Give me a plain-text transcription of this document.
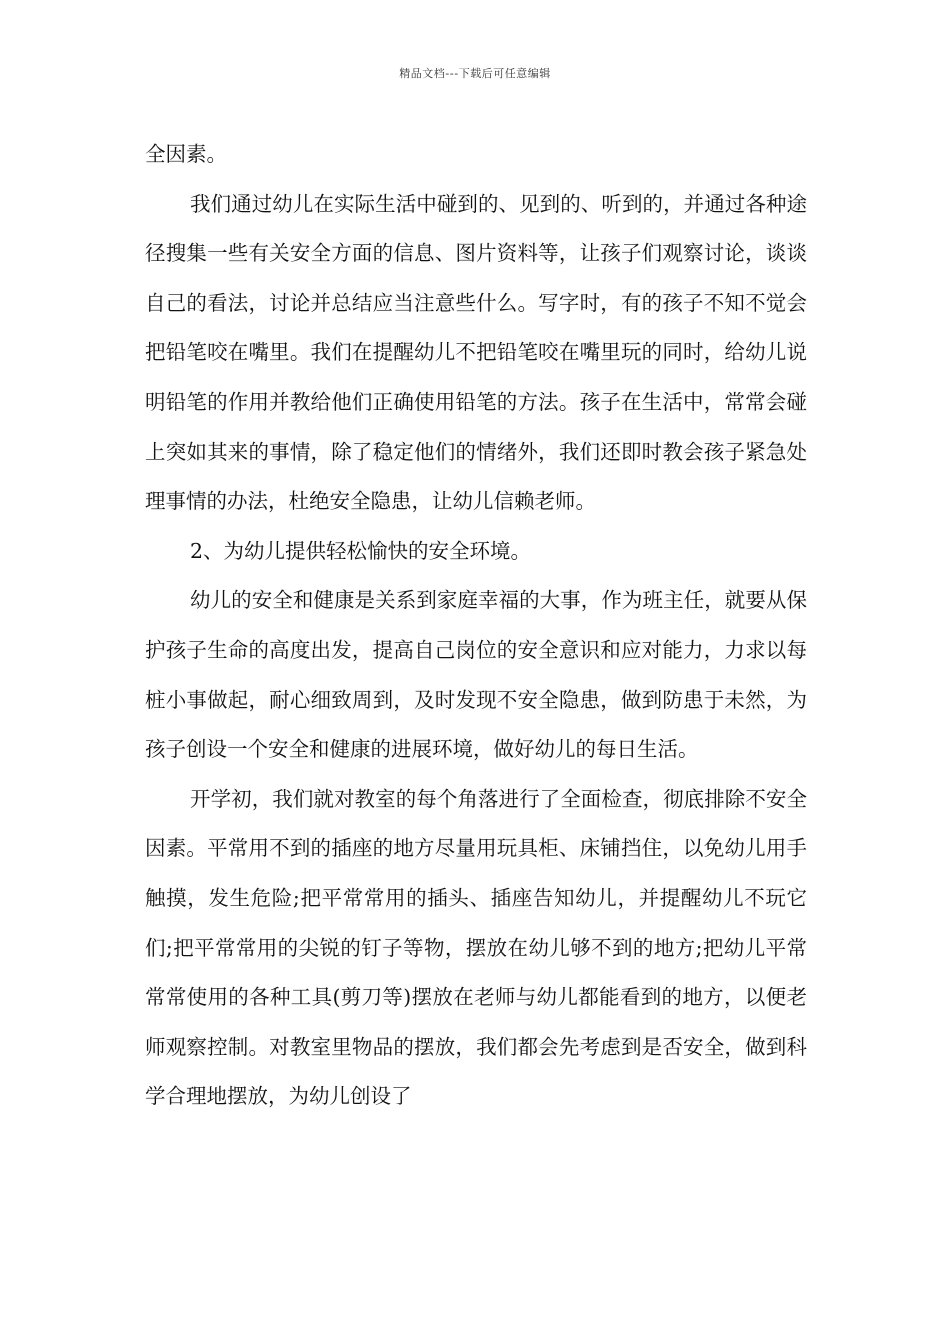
精品文档---下载后可任意编辑

全因素。

我们通过幼儿在实际生活中碰到的、见到的、听到的，并通过各种途径搜集一些有关安全方面的信息、图片资料等，让孩子们观察讨论，谈谈自己的看法，讨论并总结应当注意些什么。写字时，有的孩子不知不觉会把铅笔咬在嘴里。我们在提醒幼儿不把铅笔咬在嘴里玩的同时，给幼儿说明铅笔的作用并教给他们正确使用铅笔的方法。孩子在生活中，常常会碰上突如其来的事情，除了稳定他们的情绪外，我们还即时教会孩子紧急处理事情的办法，杜绝安全隐患，让幼儿信赖老师。

2、为幼儿提供轻松愉快的安全环境。

幼儿的安全和健康是关系到家庭幸福的大事，作为班主任，就要从保护孩子生命的高度出发，提高自己岗位的安全意识和应对能力，力求以每桩小事做起，耐心细致周到，及时发现不安全隐患，做到防患于未然，为孩子创设一个安全和健康的进展环境，做好幼儿的每日生活。

开学初，我们就对教室的每个角落进行了全面检查，彻底排除不安全因素。平常用不到的插座的地方尽量用玩具柜、床铺挡住，以免幼儿用手触摸，发生危险;把平常常用的插头、插座告知幼儿，并提醒幼儿不玩它们;把平常常用的尖锐的钉子等物，摆放在幼儿够不到的地方;把幼儿平常常常使用的各种工具(剪刀等)摆放在老师与幼儿都能看到的地方，以便老师观察控制。对教室里物品的摆放，我们都会先考虑到是否安全，做到科学合理地摆放，为幼儿创设了
